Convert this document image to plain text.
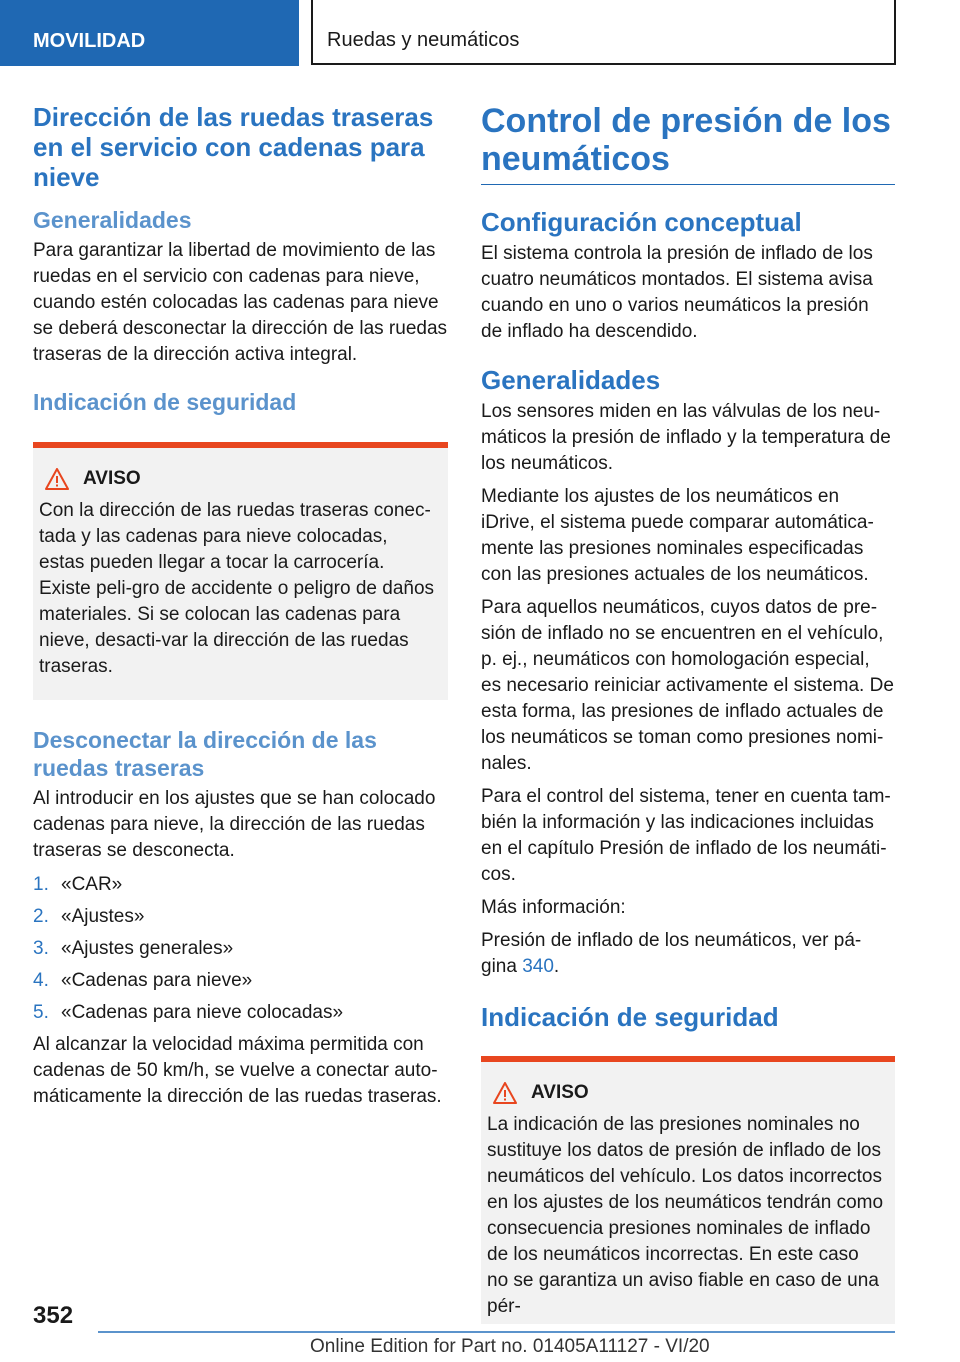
MOVILIDAD	Ruedas y neumáticos
Dirección de las ruedas traseras en el servicio con cadenas para nieve
Generalidades

Para garantizar la libertad de movimiento de las ruedas en el servicio con cadenas para nieve, cuando estén colocadas las cadenas para nieve se deberá desconectar la dirección de las ruedas traseras de la dirección activa integral.

Indicación de seguridad
AVISO

Con la dirección de las ruedas traseras conec-tada y las cadenas para nieve colocadas, estas pueden llegar a tocar la carrocería. Existe peli-gro de accidente o peligro de daños materiales. Si se colocan las cadenas para nieve, desacti-var la dirección de las ruedas traseras.

Desconectar la dirección de las ruedas traseras

Al introducir en los ajustes que se han colocado cadenas para nieve, la dirección de las ruedas traseras se desconecta.

1. «CAR»
2. «Ajustes»
3. «Ajustes generales»
4. «Cadenas para nieve»
5. «Cadenas para nieve colocadas»

Al alcanzar la velocidad máxima permitida con cadenas de 50 km/h, se vuelve a conectar auto-máticamente la dirección de las ruedas traseras.

Control de presión de los neumáticos
Configuración conceptual

El sistema controla la presión de inflado de los cuatro neumáticos montados. El sistema avisa cuando en uno o varios neumáticos la presión de inflado ha descendido.

Generalidades

Los sensores miden en las válvulas de los neu-máticos la presión de inflado y la temperatura de los neumáticos.

Mediante los ajustes de los neumáticos en iDrive, el sistema puede comparar automática-mente las presiones nominales especificadas con las presiones actuales de los neumáticos.

Para aquellos neumáticos, cuyos datos de pre-sión de inflado no se encuentren en el vehículo, p. ej., neumáticos con homologación especial, es necesario reiniciar activamente el sistema. De esta forma, las presiones de inflado actuales de los neumáticos se toman como presiones nomi-nales.

Para el control del sistema, tener en cuenta tam-bién la información y las indicaciones incluidas en el capítulo Presión de inflado de los neumáti-cos.

Más información:

Presión de inflado de los neumáticos, ver pá-gina 340.

Indicación de seguridad
AVISO

La indicación de las presiones nominales no sustituye los datos de presión de inflado de los neumáticos del vehículo. Los datos incorrectos en los ajustes de los neumáticos tendrán como consecuencia presiones nominales de inflado de los neumáticos incorrectas. En este caso no se garantiza un aviso fiable en caso de una pér-

352
Online Edition for Part no. 01405A11127 - VI/20
